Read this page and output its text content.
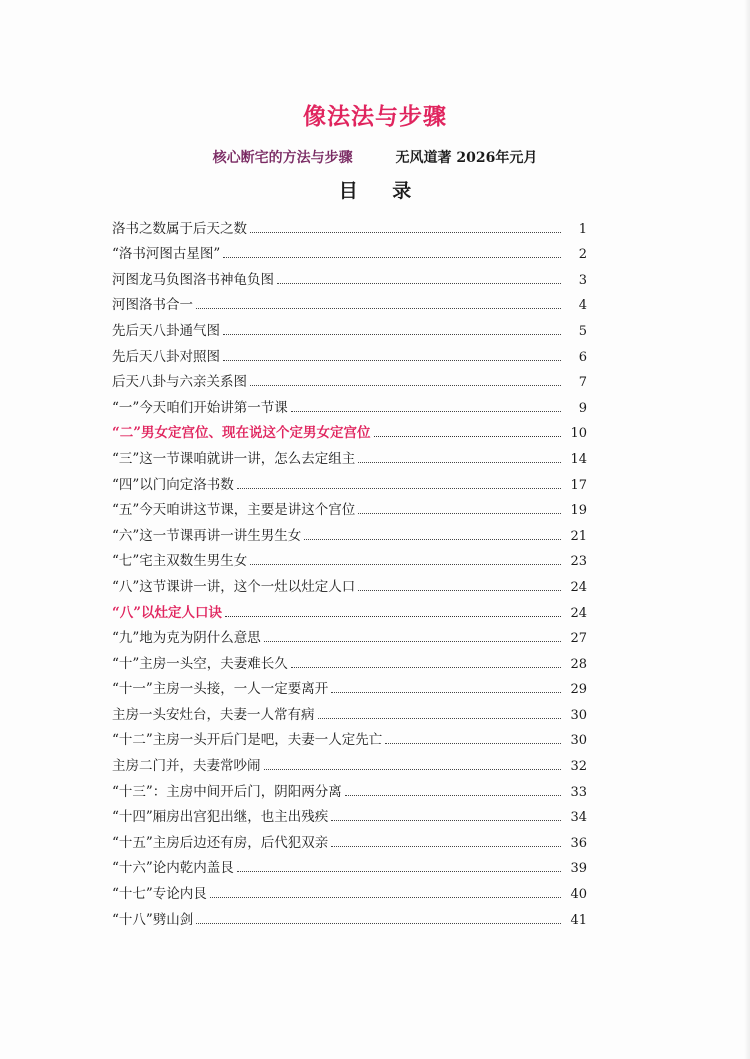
像法法与步骤
核心断宅的方法与步骤	无风道著 2026年元月
目 录
洛书之数属于后天之数	1
“洛书河图古星图”	2
河图龙马负图洛书神龟负图	3
河图洛书合一	4
先后天八卦通气图	5
先后天八卦对照图	6
后天八卦与六亲关系图	7
“一”今天咱们开始讲第一节课	9
“二”男女定宫位、现在说这个定男女定宫位	10
“三”这一节课咱就讲一讲，怎么去定组主	14
“四”以门向定洛书数	17
“五”今天咱讲这节课，主要是讲这个宫位	19
“六”这一节课再讲一讲生男生女	21
“七”宅主双数生男生女	23
“八”这节课讲一讲，这个一灶以灶定人口	24
“八”以灶定人口诀	24
“九”地为克为阴什么意思	27
“十”主房一头空，夫妻难长久	28
“十一”主房一头接，一人一定要离开	29
主房一头安灶台，夫妻一人常有病	30
“十二”主房一头开后门是吧，夫妻一人定先亡	30
主房二门并，夫妻常吵闹	32
“十三”：主房中间开后门，阴阳两分离	33
“十四”厢房出宫犯出继，也主出残疾	34
“十五”主房后边还有房，后代犯双亲	36
“十六”论内乾内盖艮	39
“十七”专论内艮	40
“十八”劈山剑	41
